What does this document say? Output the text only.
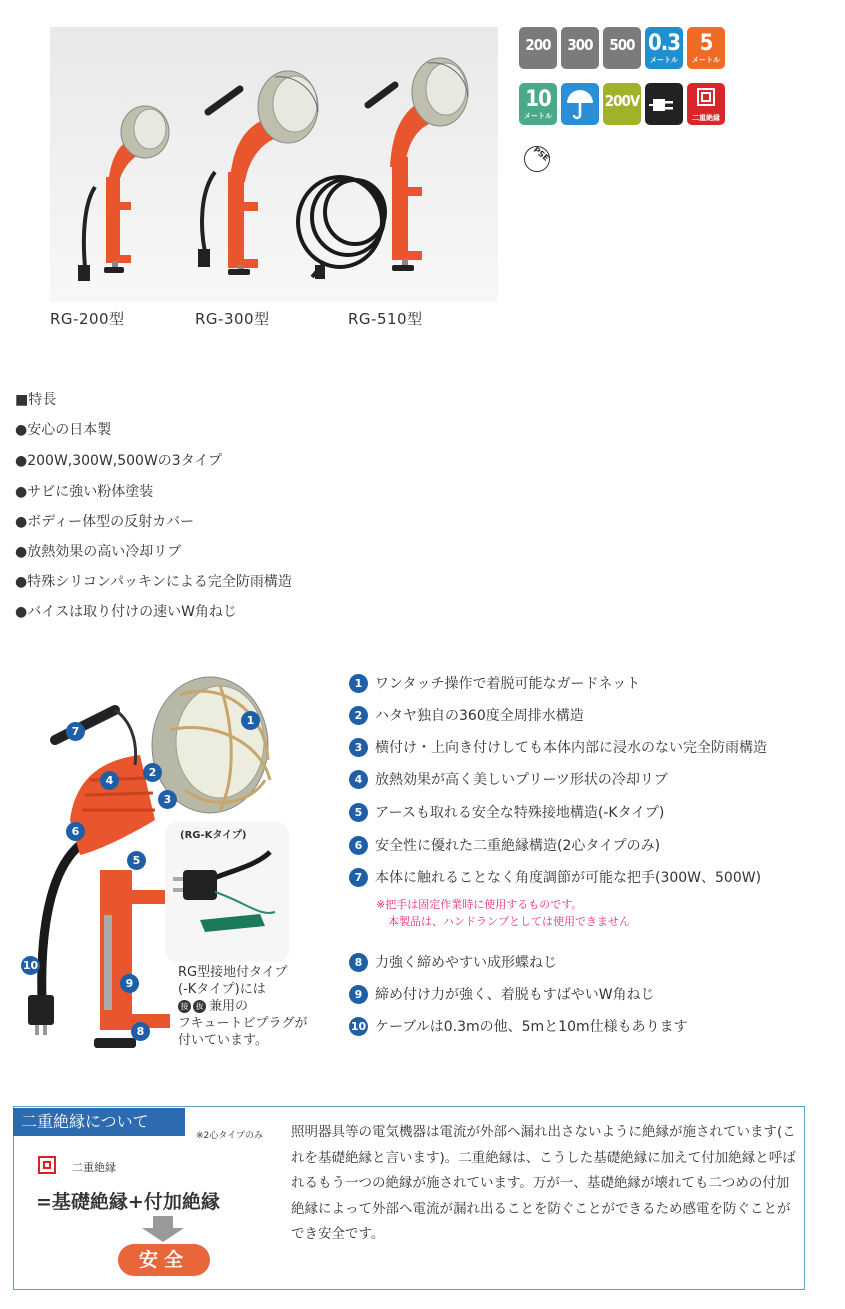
RG-200型	RG-300型	RG-510型
200	300	500 0.3
メートル
5
メートル
10
メートル
200V
二重絶縁
PSE
■特長
●安心の日本製
●200W,300W,500Wの3タイプ
●サビに強い粉体塗装
●ボディー体型の反射カバー
●放熱効果の高い冷却リブ
●特殊シリコンパッキンによる完全防雨構造
●バイスは取り付けの速いW角ねじ
1
2
3
4
5
6
7
8
9
10
(RG-Kタイプ)
RG型接地付タイプ
(-Kタイプ)には
接 抜 兼用の
フキュートビプラグが
付いています。
1 ワンタッチ操作で着脱可能なガードネット
2 ハタヤ独自の360度全周排水構造
3 横付け・上向き付けしても本体内部に浸水のない完全防雨構造
4 放熱効果が高く美しいプリーツ形状の冷却リブ
5 アースも取れる安全な特殊接地構造(-Kタイプ)
6 安全性に優れた二重絶縁構造(2心タイプのみ)
7 本体に触れることなく角度調節が可能な把手(300W、500W)
※把手は固定作業時に使用するものです。
本製品は、ハンドランプとしては使用できません
8 力強く締めやすい成形蝶ねじ
9 締め付け力が強く、着脱もすばやいW角ねじ
10 ケーブルは0.3mの他、5mと10m仕様もあります
二重絶縁について
※2心タイプのみ
二重絶縁
=基礎絶縁+付加絶縁
安全
照明器具等の電気機器は電流が外部へ漏れ出さないように絶縁が施されています(これを基礎絶縁と言います)。二重絶縁は、こうした基礎絶縁に加えて付加絶縁と呼ばれるもう一つの絶縁が施されています。万が一、基礎絶縁が壊れても二つめの付加絶縁によって外部へ電流が漏れ出ることを防ぐことができるため感電を防ぐことができ安全です。
